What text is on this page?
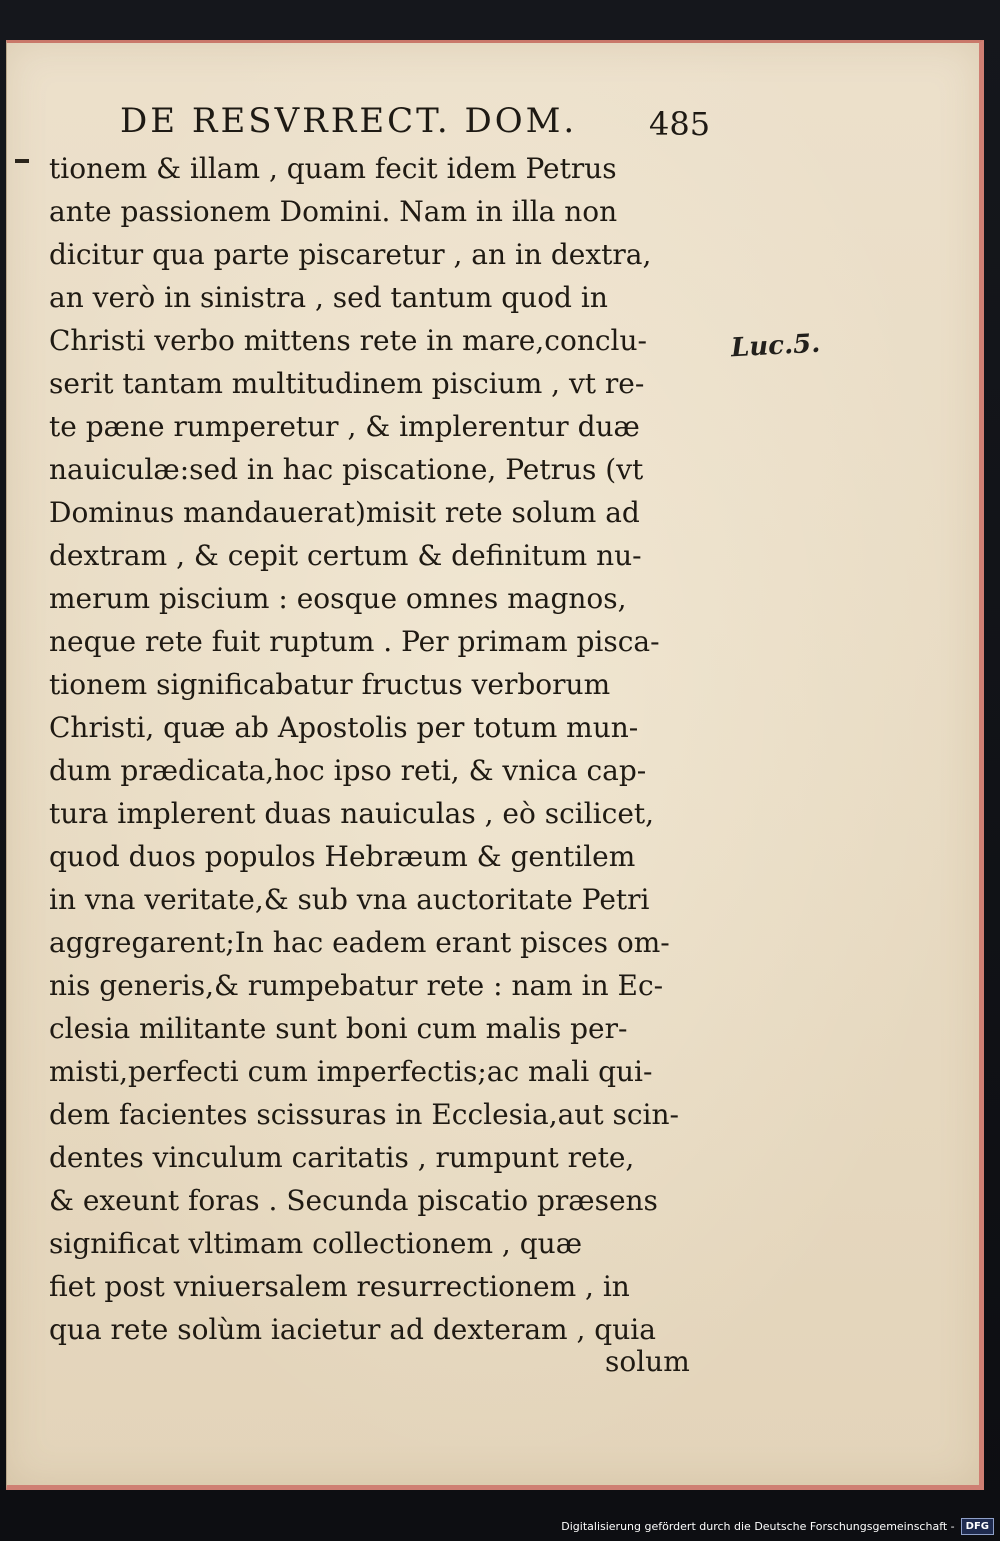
DE RESVRRECT. DOM. 485
tionem & illam , quam fecit idem Petrus
ante passionem Domini. Nam in illa non
dicitur qua parte piscaretur , an in dextra,
an verò in sinistra , sed tantum quod in
Christi verbo mittens rete in mare,conclu-
serit tantam multitudinem piscium , vt re-
te pæne rumperetur , & implerentur duæ
nauiculæ:sed in hac piscatione, Petrus (vt
Dominus mandauerat)misit rete solum ad
dextram , & cepit certum & definitum nu-
merum piscium : eosque omnes magnos,
neque rete fuit ruptum . Per primam pisca-
tionem significabatur fructus verborum
Christi, quæ ab Apostolis per totum mun-
dum prædicata,hoc ipso reti, & vnica cap-
tura implerent duas nauiculas , eò scilicet,
quod duos populos Hebræum & gentilem
in vna veritate,& sub vna auctoritate Petri
aggregarent;In hac eadem erant pisces om-
nis generis,& rumpebatur rete : nam in Ec-
clesia militante sunt boni cum malis per-
misti,perfecti cum imperfectis;ac mali qui-
dem facientes scissuras in Ecclesia,aut scin-
dentes vinculum caritatis , rumpunt rete,
& exeunt foras . Secunda piscatio præsens
significat vltimam collectionem , quæ
fiet post vniuersalem resurrectionem , in
qua rete solùm iacietur ad dexteram , quia
Luc.5.
solum
Digitalisierung gefördert durch die Deutsche Forschungsgemeinschaft -	DFG
